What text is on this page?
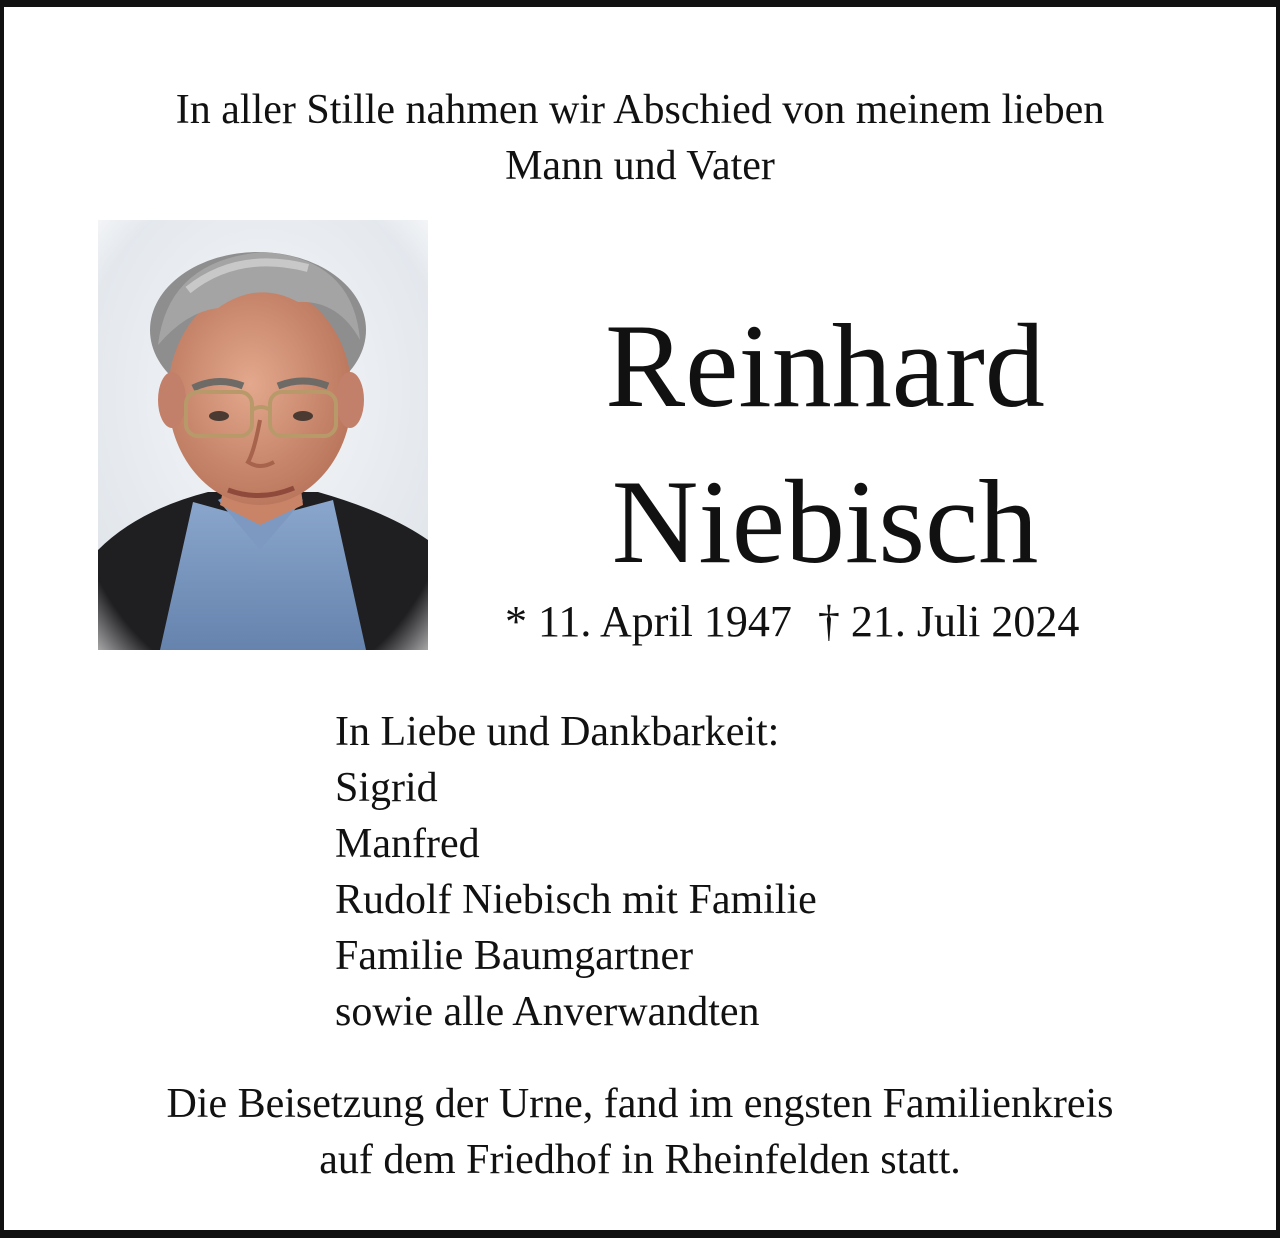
In aller Stille nahmen wir Abschied von meinem lieben
Mann und Vater
Reinhard
Niebisch
* 11. April 1947 † 21. Juli 2024
In Liebe und Dankbarkeit:
Sigrid
Manfred
Rudolf Niebisch mit Familie
Familie Baumgartner
sowie alle Anverwandten
Die Beisetzung der Urne, fand im engsten Familienkreis
auf dem Friedhof in Rheinfelden statt.
